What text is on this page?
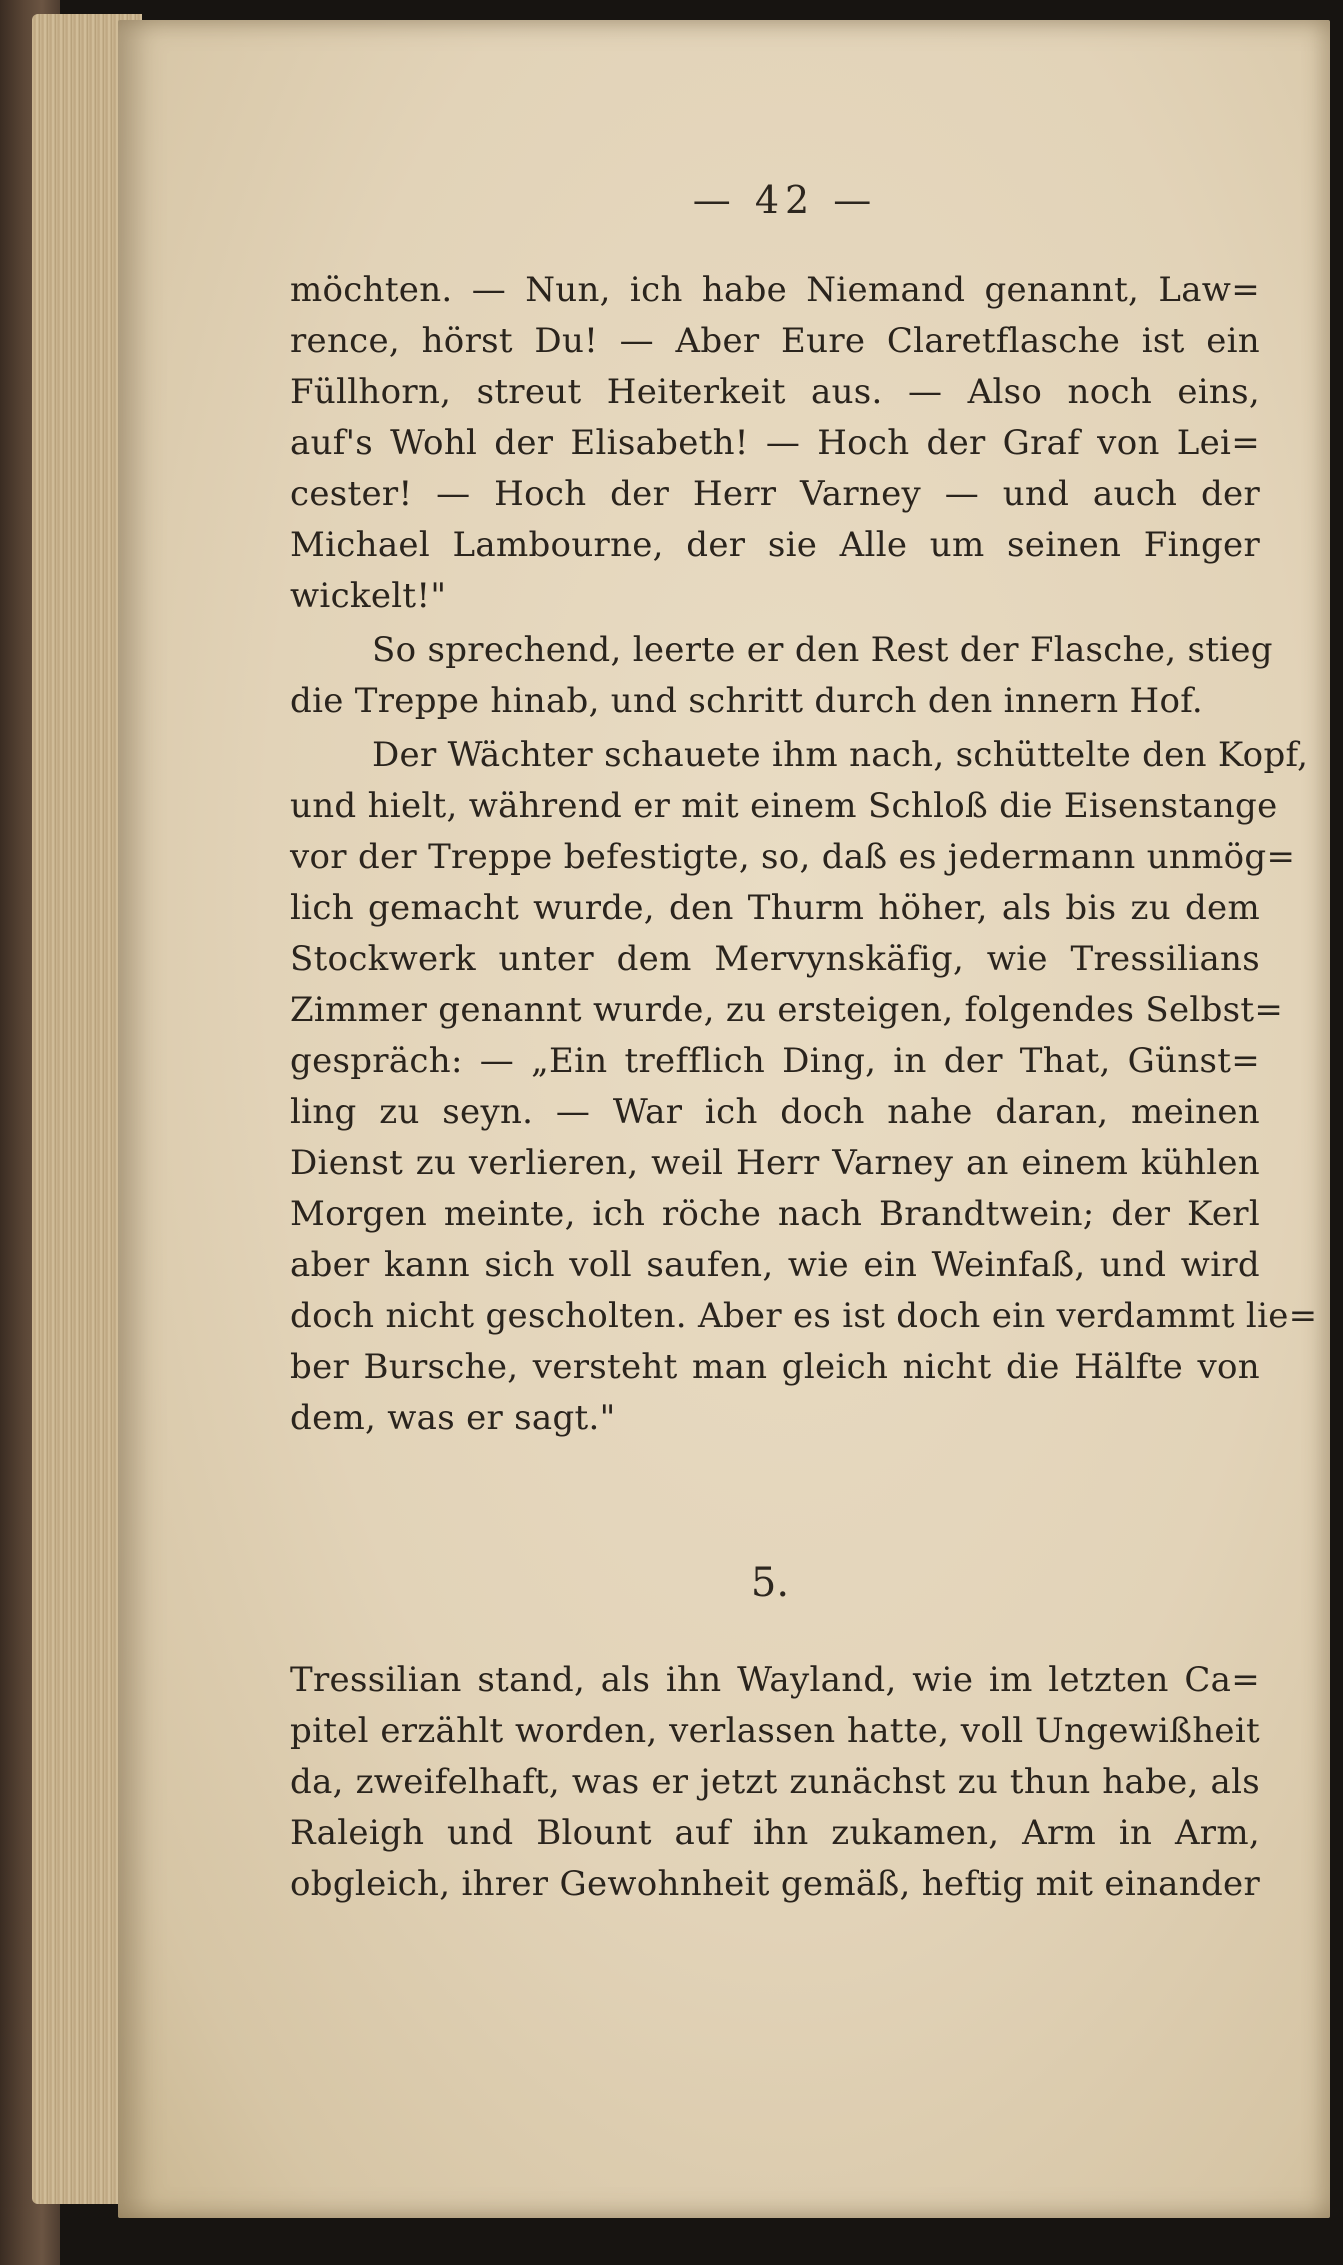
— 42 —
möchten. — Nun, ich habe Niemand genannt, Law=
rence, hörst Du! — Aber Eure Claretflasche ist ein
Füllhorn, streut Heiterkeit aus. — Also noch eins,
auf's Wohl der Elisabeth! — Hoch der Graf von Lei=
cester! — Hoch der Herr Varney — und auch der
Michael Lambourne, der sie Alle um seinen Finger
wickelt!"
So sprechend, leerte er den Rest der Flasche, stieg
die Treppe hinab, und schritt durch den innern Hof.
Der Wächter schauete ihm nach, schüttelte den Kopf,
und hielt, während er mit einem Schloß die Eisenstange
vor der Treppe befestigte, so, daß es jedermann unmög=
lich gemacht wurde, den Thurm höher, als bis zu dem
Stockwerk unter dem Mervynskäfig, wie Tressilians
Zimmer genannt wurde, zu ersteigen, folgendes Selbst=
gespräch: — „Ein trefflich Ding, in der That, Günst=
ling zu seyn. — War ich doch nahe daran, meinen
Dienst zu verlieren, weil Herr Varney an einem kühlen
Morgen meinte, ich röche nach Brandtwein; der Kerl
aber kann sich voll saufen, wie ein Weinfaß, und wird
doch nicht gescholten. Aber es ist doch ein verdammt lie=
ber Bursche, versteht man gleich nicht die Hälfte von
dem, was er sagt."
Tressilian stand, als ihn Wayland, wie im letzten Ca=
pitel erzählt worden, verlassen hatte, voll Ungewißheit
da, zweifelhaft, was er jetzt zunächst zu thun habe, als
Raleigh und Blount auf ihn zukamen, Arm in Arm,
obgleich, ihrer Gewohnheit gemäß, heftig mit einander
5.
